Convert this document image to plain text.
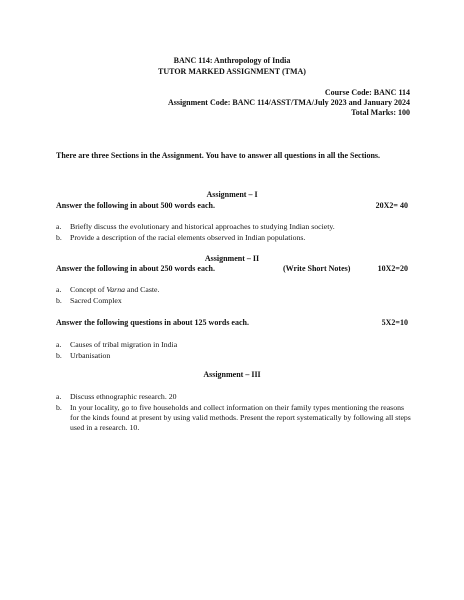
BANC 114: Anthropology of India
TUTOR MARKED ASSIGNMENT (TMA)
Course Code: BANC 114
Assignment Code: BANC 114/ASST/TMA/July 2023 and January 2024
Total Marks: 100
There are three Sections in the Assignment. You have to answer all questions in all the Sections.
Assignment – I
Answer the following in about 500 words each.	20X2= 40
a.	Briefly discuss the evolutionary and historical approaches to studying Indian society.
b.	Provide a description of the racial elements observed in Indian populations.
Assignment – II
Answer the following in about 250 words each.	(Write Short Notes)	10X2=20
a.	Concept of Varna and Caste.
b.	Sacred Complex
Answer the following questions in about 125 words each.	5X2=10
a.	Causes of tribal migration in India
b.	Urbanisation
Assignment – III
a.	Discuss ethnographic research. 20
b.	In your locality, go to five households and collect information on their family types mentioning the reasons for the kinds found at present by using valid methods. Present the report systematically by following all steps used in a research. 10.
